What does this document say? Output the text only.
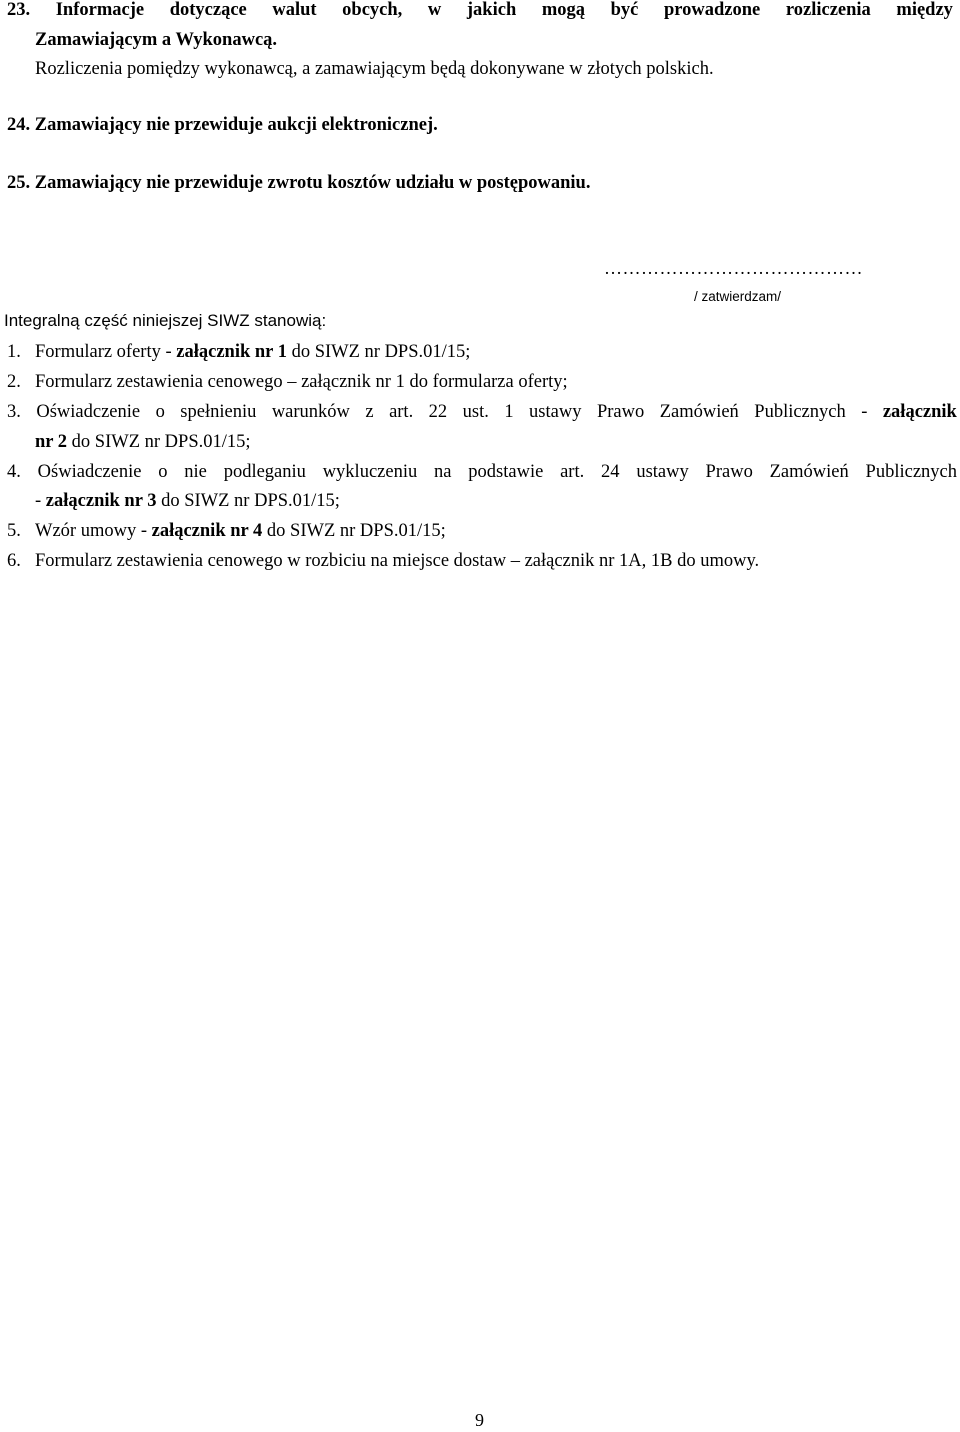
23. Informacje dotyczące walut obcych, w jakich mogą być prowadzone rozliczenia między
Zamawiającym a Wykonawcą.
Rozliczenia pomiędzy wykonawcą, a zamawiającym będą dokonywane w złotych polskich.
24. Zamawiający nie przewiduje aukcji elektronicznej.
25. Zamawiający nie przewiduje zwrotu kosztów udziału w postępowaniu.
……………………………………
/ zatwierdzam/
Integralną część niniejszej SIWZ stanowią:
1. Formularz oferty - załącznik nr 1 do SIWZ nr DPS.01/15;
2. Formularz zestawienia cenowego – załącznik nr 1 do formularza oferty;
3. Oświadczenie o spełnieniu warunków z art. 22 ust. 1 ustawy Prawo Zamówień Publicznych - załącznik
nr 2 do SIWZ nr DPS.01/15;
4. Oświadczenie o nie podleganiu wykluczeniu na podstawie art. 24 ustawy Prawo Zamówień Publicznych
- załącznik nr 3 do SIWZ nr DPS.01/15;
5. Wzór umowy - załącznik nr 4 do SIWZ nr DPS.01/15;
6. Formularz zestawienia cenowego w rozbiciu na miejsce dostaw – załącznik nr 1A, 1B do umowy.
9
